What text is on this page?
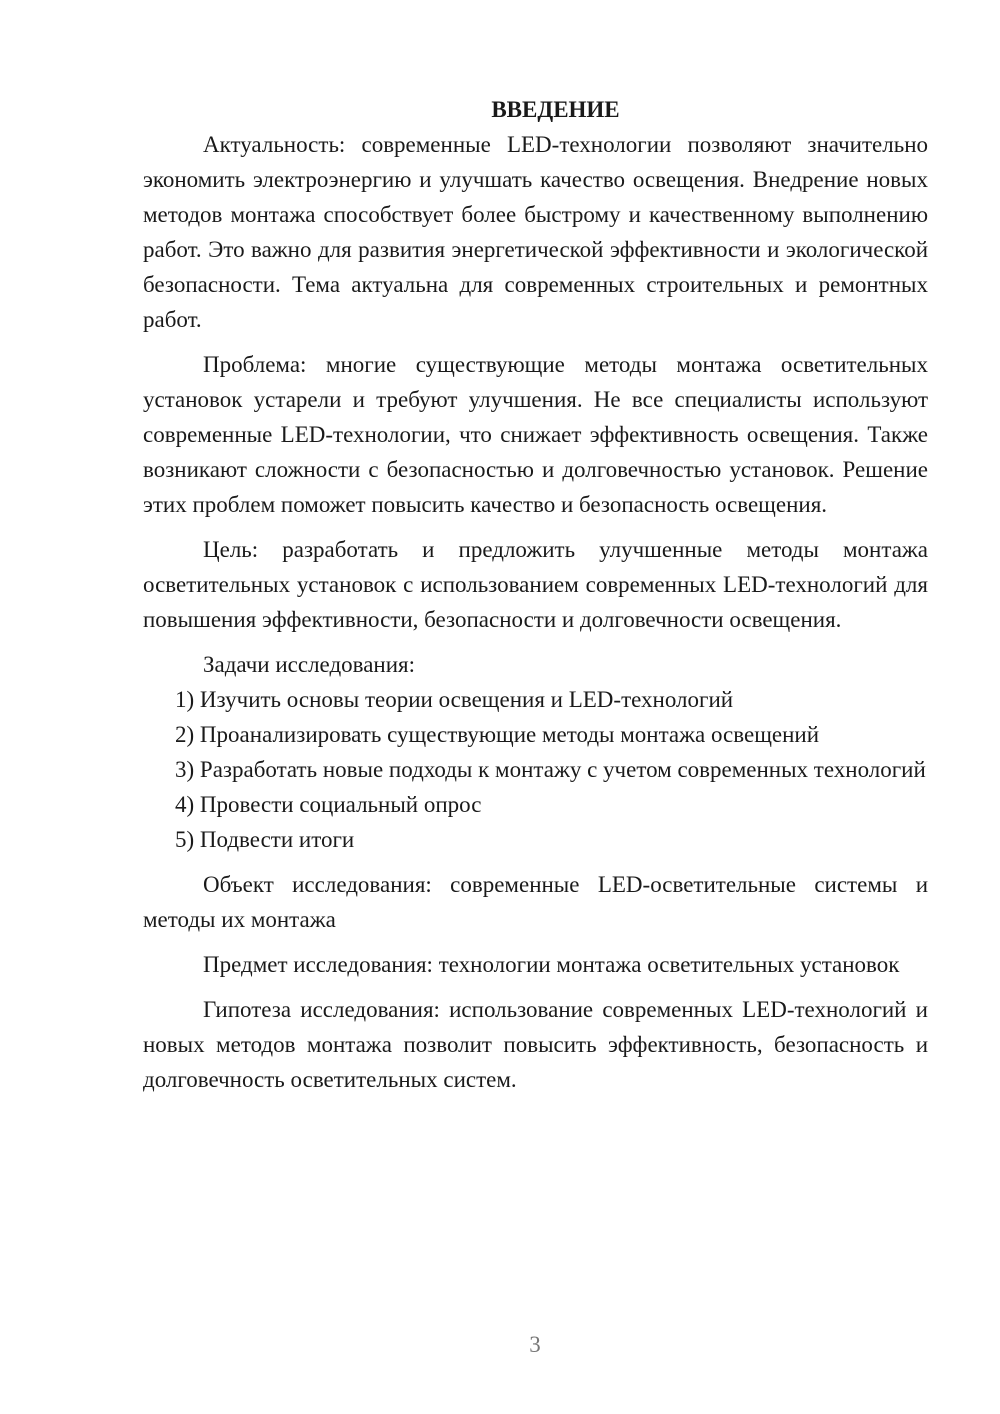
ВВЕДЕНИЕ

Актуальность: современные LED-технологии позволяют значительно экономить электроэнергию и улучшать качество освещения. Внедрение новых методов монтажа способствует более быстрому и качественному выполнению работ. Это важно для развития энергетической эффективности и экологической безопасности. Тема актуальна для современных строительных и ремонтных работ.

Проблема: многие существующие методы монтажа осветительных установок устарели и требуют улучшения. Не все специалисты используют современные LED-технологии, что снижает эффективность освещения. Также возникают сложности с безопасностью и долговечностью установок. Решение этих проблем поможет повысить качество и безопасность освещения.

Цель: разработать и предложить улучшенные методы монтажа осветительных установок с использованием современных LED-технологий для повышения эффективности, безопасности и долговечности освещения.

Задачи исследования:

1) Изучить основы теории освещения и LED-технологий

2) Проанализировать существующие методы монтажа освещений

3) Разработать новые подходы к монтажу с учетом современных технологий

4) Провести социальный опрос

5) Подвести итоги

Объект исследования: современные LED-осветительные системы и методы их монтажа

Предмет исследования: технологии монтажа осветительных установок

Гипотеза исследования: использование современных LED-технологий и новых методов монтажа позволит повысить эффективность, безопасность и долговечность осветительных систем.

3
